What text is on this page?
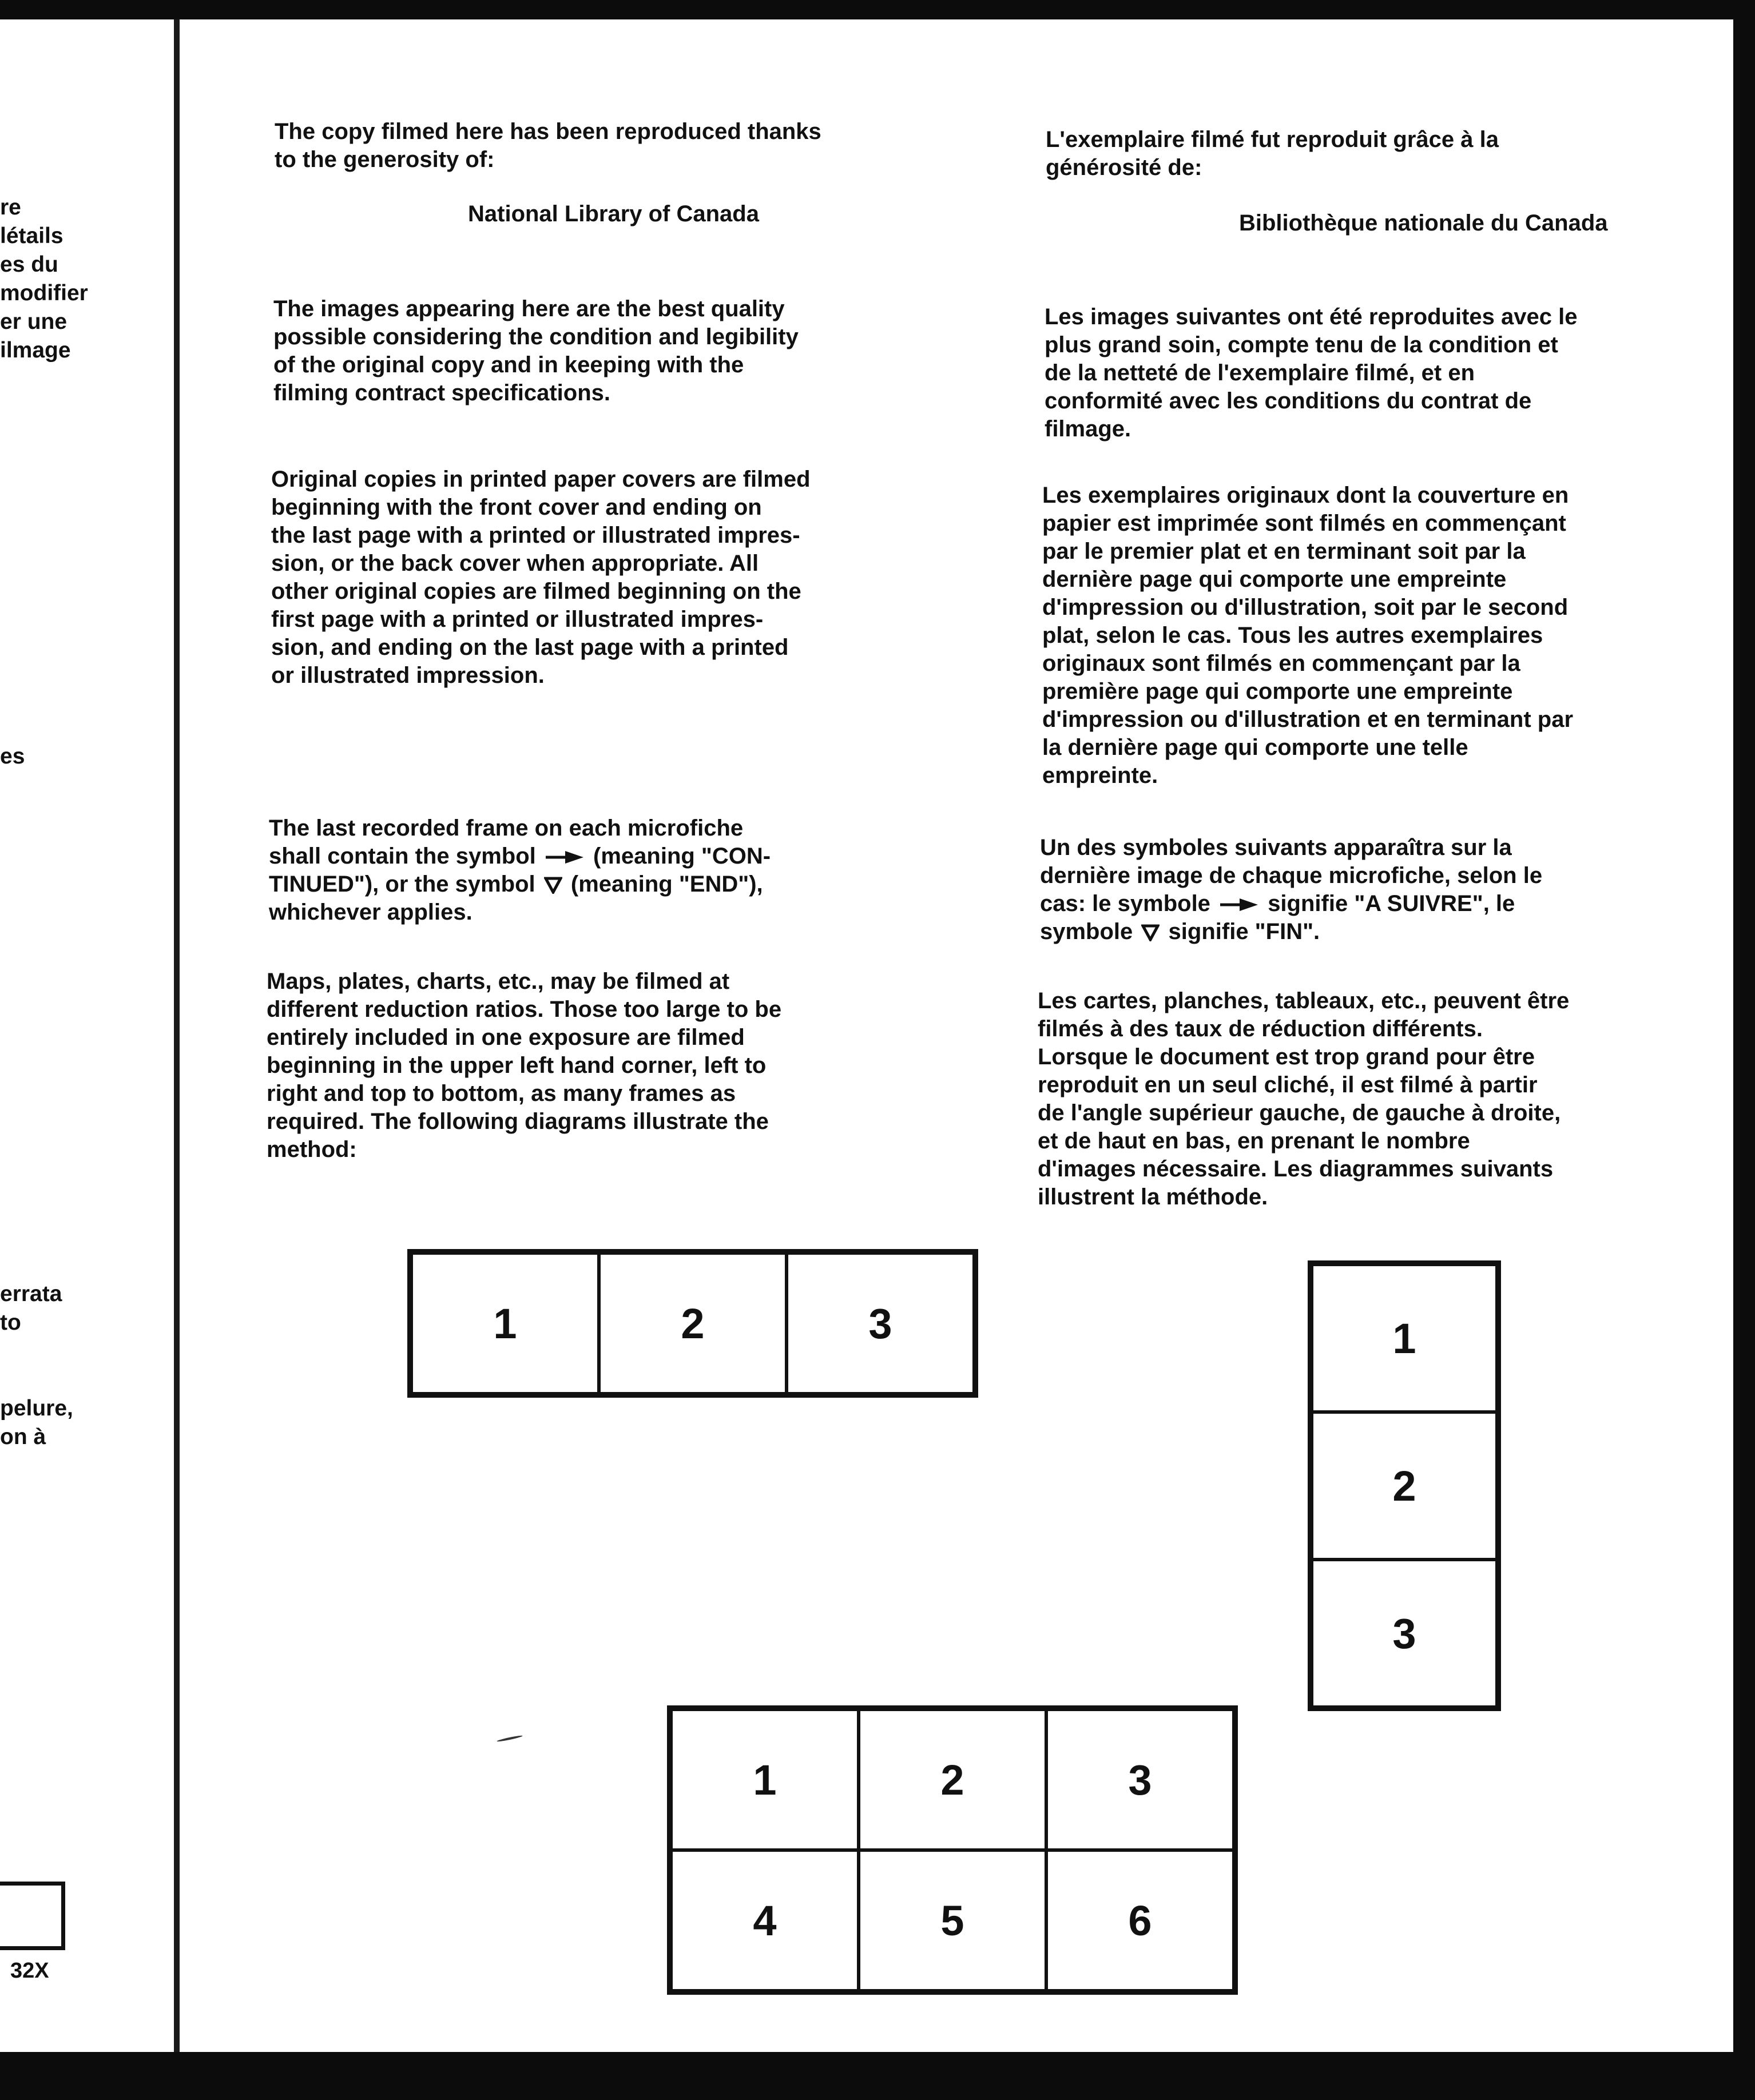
re
létails
es du
modifier
er une
ilmage
es
errata
to
pelure,
on à
32X
The copy filmed here has been reproduced thanks
to the generosity of:
National Library of Canada
The images appearing here are the best quality
possible considering the condition and legibility
of the original copy and in keeping with the
filming contract specifications.
Original copies in printed paper covers are filmed
beginning with the front cover and ending on
the last page with a printed or illustrated impres-
sion, or the back cover when appropriate. All
other original copies are filmed beginning on the
first page with a printed or illustrated impres-
sion, and ending on the last page with a printed
or illustrated impression.
The last recorded frame on each microfiche
shall contain the symbol	(meaning "CON-
TINUED"), or the symbol (meaning "END"),
whichever applies.
Maps, plates, charts, etc., may be filmed at
different reduction ratios. Those too large to be
entirely included in one exposure are filmed
beginning in the upper left hand corner, left to
right and top to bottom, as many frames as
required. The following diagrams illustrate the
method:
L'exemplaire filmé fut reproduit grâce à la
générosité de:
Bibliothèque nationale du Canada
Les images suivantes ont été reproduites avec le
plus grand soin, compte tenu de la condition et
de la netteté de l'exemplaire filmé, et en
conformité avec les conditions du contrat de
filmage.
Les exemplaires originaux dont la couverture en
papier est imprimée sont filmés en commençant
par le premier plat et en terminant soit par la
dernière page qui comporte une empreinte
d'impression ou d'illustration, soit par le second
plat, selon le cas. Tous les autres exemplaires
originaux sont filmés en commençant par la
première page qui comporte une empreinte
d'impression ou d'illustration et en terminant par
la dernière page qui comporte une telle
empreinte.
Un des symboles suivants apparaîtra sur la
dernière image de chaque microfiche, selon le
cas: le symbole	signifie "A SUIVRE", le
symbole signifie "FIN".
Les cartes, planches, tableaux, etc., peuvent être
filmés à des taux de réduction différents.
Lorsque le document est trop grand pour être
reproduit en un seul cliché, il est filmé à partir
de l'angle supérieur gauche, de gauche à droite,
et de haut en bas, en prenant le nombre
d'images nécessaire. Les diagrammes suivants
illustrent la méthode.
1	2	3	1
2
3
1	2	3
4	5	6
